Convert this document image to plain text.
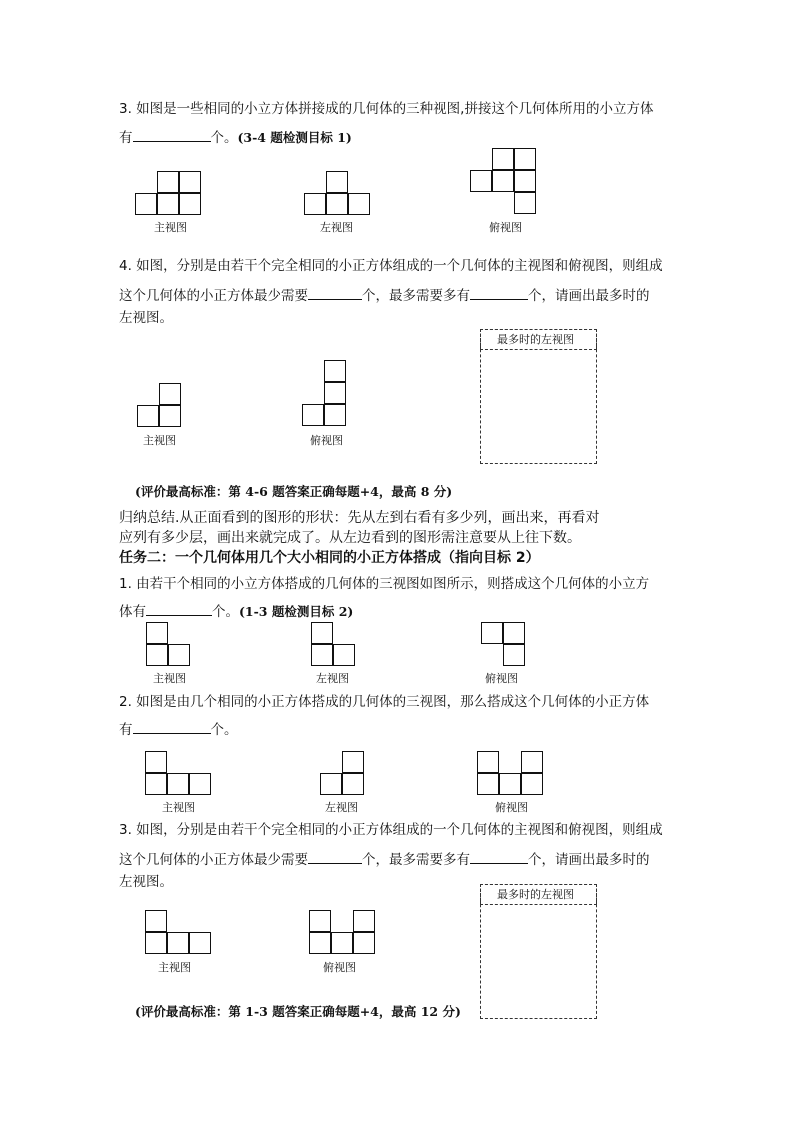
3. 如图是一些相同的小立方体拼接成的几何体的三种视图,拼接这个几何体所用的小立方体
有	个。(3-4 题检测目标 1)
主视图	左视图	俯视图
4. 如图，分别是由若干个完全相同的小正方体组成的一个几何体的主视图和俯视图，则组成
这个几何体的小正方体最少需要	个，最多需要多有	个，请画出最多时的
左视图。
主视图	俯视图
最多时的左视图
(评价最高标准：第 4-6 题答案正确每题+4，最高 8 分)
归纳总结.从正面看到的图形的形状：先从左到右看有多少列，画出来，再看对
应列有多少层，画出来就完成了。从左边看到的图形需注意要从上往下数。
任务二：一个几何体用几个大小相同的小正方体搭成（指向目标 2）
1. 由若干个相同的小立方体搭成的几何体的三视图如图所示，则搭成这个几何体的小立方
体有	个。(1-3 题检测目标 2)
主视图	左视图	俯视图
2. 如图是由几个相同的小正方体搭成的几何体的三视图，那么搭成这个几何体的小正方体
有	个。
主视图	左视图	俯视图
3. 如图，分别是由若干个完全相同的小正方体组成的一个几何体的主视图和俯视图，则组成
这个几何体的小正方体最少需要	个，最多需要多有	个，请画出最多时的
左视图。
主视图	俯视图
最多时的左视图
(评价最高标准：第 1-3 题答案正确每题+4，最高 12 分)
